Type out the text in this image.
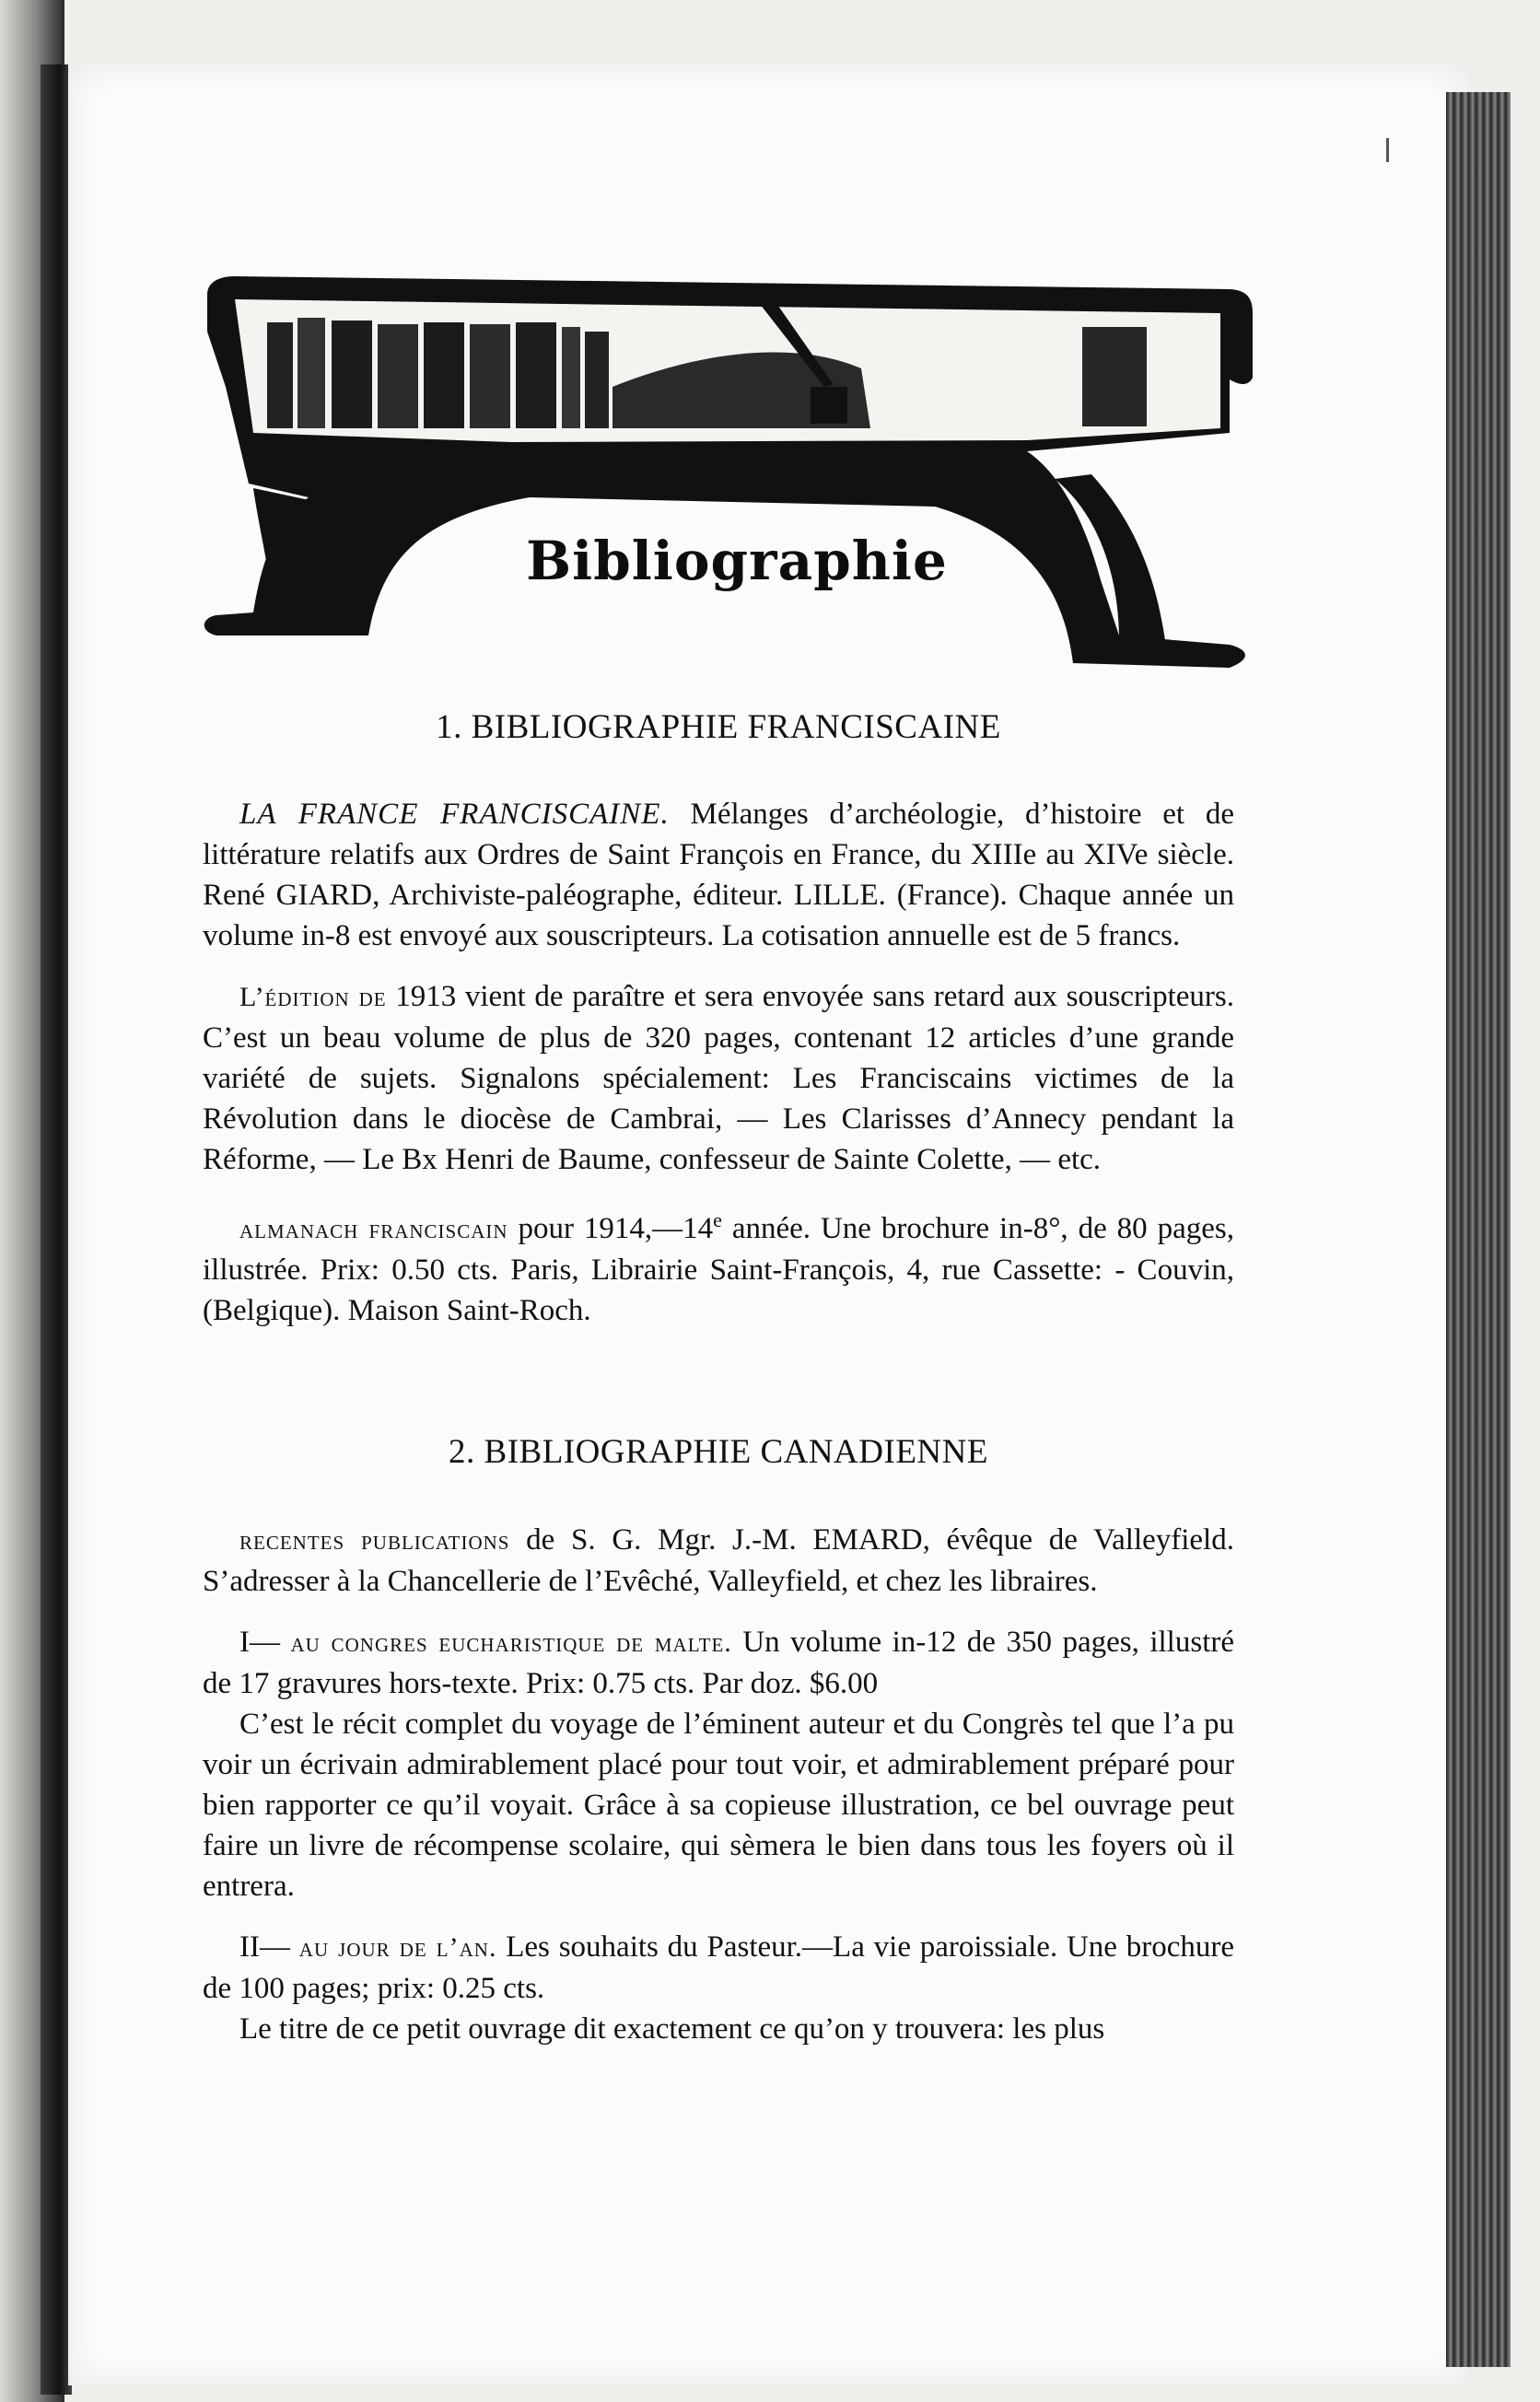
Bibliographie
1. BIBLIOGRAPHIE FRANCISCAINE

LA FRANCE FRANCISCAINE. Mélanges d’archéologie, d’histoire et de littérature relatifs aux Ordres de Saint François en France, du XIIIe au XIVe siècle. René GIARD, Archiviste-paléographe, éditeur. LILLE. (France). Chaque année un volume in-8 est envoyé aux souscripteurs. La cotisation annuelle est de 5 francs.

L’édition de 1913 vient de paraître et sera envoyée sans retard aux souscripteurs. C’est un beau volume de plus de 320 pages, contenant 12 articles d’une grande variété de sujets. Signalons spécialement: Les Franciscains victimes de la Révolution dans le diocèse de Cambrai, — Les Clarisses d’Annecy pendant la Réforme, — Le Bx Henri de Baume, confesseur de Sainte Colette, — etc.

almanach franciscain pour 1914,—14e année. Une brochure in-8°, de 80 pages, illustrée. Prix: 0.50 cts. Paris, Librairie Saint-François, 4, rue Cassette: - Couvin, (Belgique). Maison Saint-Roch.

2. BIBLIOGRAPHIE CANADIENNE

recentes publications de S. G. Mgr. J.-M. EMARD, évêque de Valleyfield. S’adresser à la Chancellerie de l’Evêché, Valleyfield, et chez les libraires.

I— au congres eucharistique de malte. Un volume in-12 de 350 pages, illustré de 17 gravures hors-texte. Prix: 0.75 cts. Par doz. $6.00

C’est le récit complet du voyage de l’éminent auteur et du Congrès tel que l’a pu voir un écrivain admirablement placé pour tout voir, et admirablement préparé pour bien rapporter ce qu’il voyait. Grâce à sa copieuse illustration, ce bel ouvrage peut faire un livre de récompense scolaire, qui sèmera le bien dans tous les foyers où il entrera.

II— au jour de l’an. Les souhaits du Pasteur.—La vie paroissiale. Une brochure de 100 pages; prix: 0.25 cts.

Le titre de ce petit ouvrage dit exactement ce qu’on y trouvera: les plus
